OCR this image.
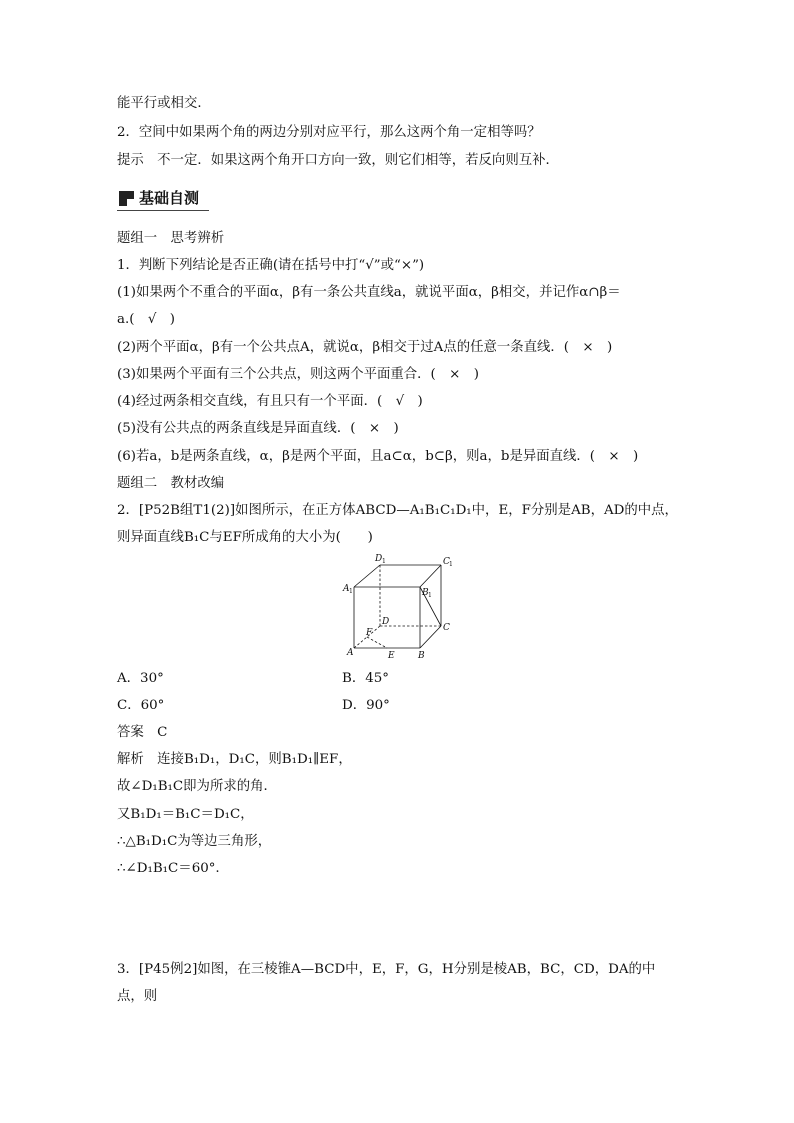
能平行或相交．
2．空间中如果两个角的两边分别对应平行，那么这两个角一定相等吗？
提示　不一定．如果这两个角开口方向一致，则它们相等，若反向则互补．
基础自测
题组一　思考辨析
1．判断下列结论是否正确(请在括号中打“√”或“×”)
(1)如果两个不重合的平面α，β有一条公共直线a，就说平面α，β相交，并记作α∩β＝
a.(　√　)
(2)两个平面α，β有一个公共点A，就说α，β相交于过A点的任意一条直线．(　×　)
(3)如果两个平面有三个公共点，则这两个平面重合．(　×　)
(4)经过两条相交直线，有且只有一个平面．(　√　)
(5)没有公共点的两条直线是异面直线．(　×　)
(6)若a，b是两条直线，α，β是两个平面，且a⊂α，b⊂β，则a，b是异面直线．(　×　)
题组二　教材改编
2．[P52B组T1(2)]如图所示，在正方体ABCD—A₁B₁C₁D₁中，E，F分别是AB，AD的中点，
则异面直线B₁C与EF所成角的大小为(　　)
D 1	C 1
A 1	B 1
D
C
F
A	E	B
A．30°	B．45°
C．60°	D．90°
答案　C
解析　连接B₁D₁，D₁C，则B₁D₁∥EF，
故∠D₁B₁C即为所求的角．
又B₁D₁＝B₁C＝D₁C，
∴△B₁D₁C为等边三角形，
∴∠D₁B₁C＝60°.
3．[P45例2]如图，在三棱锥A—BCD中，E，F，G，H分别是棱AB，BC，CD，DA的中
点，则
